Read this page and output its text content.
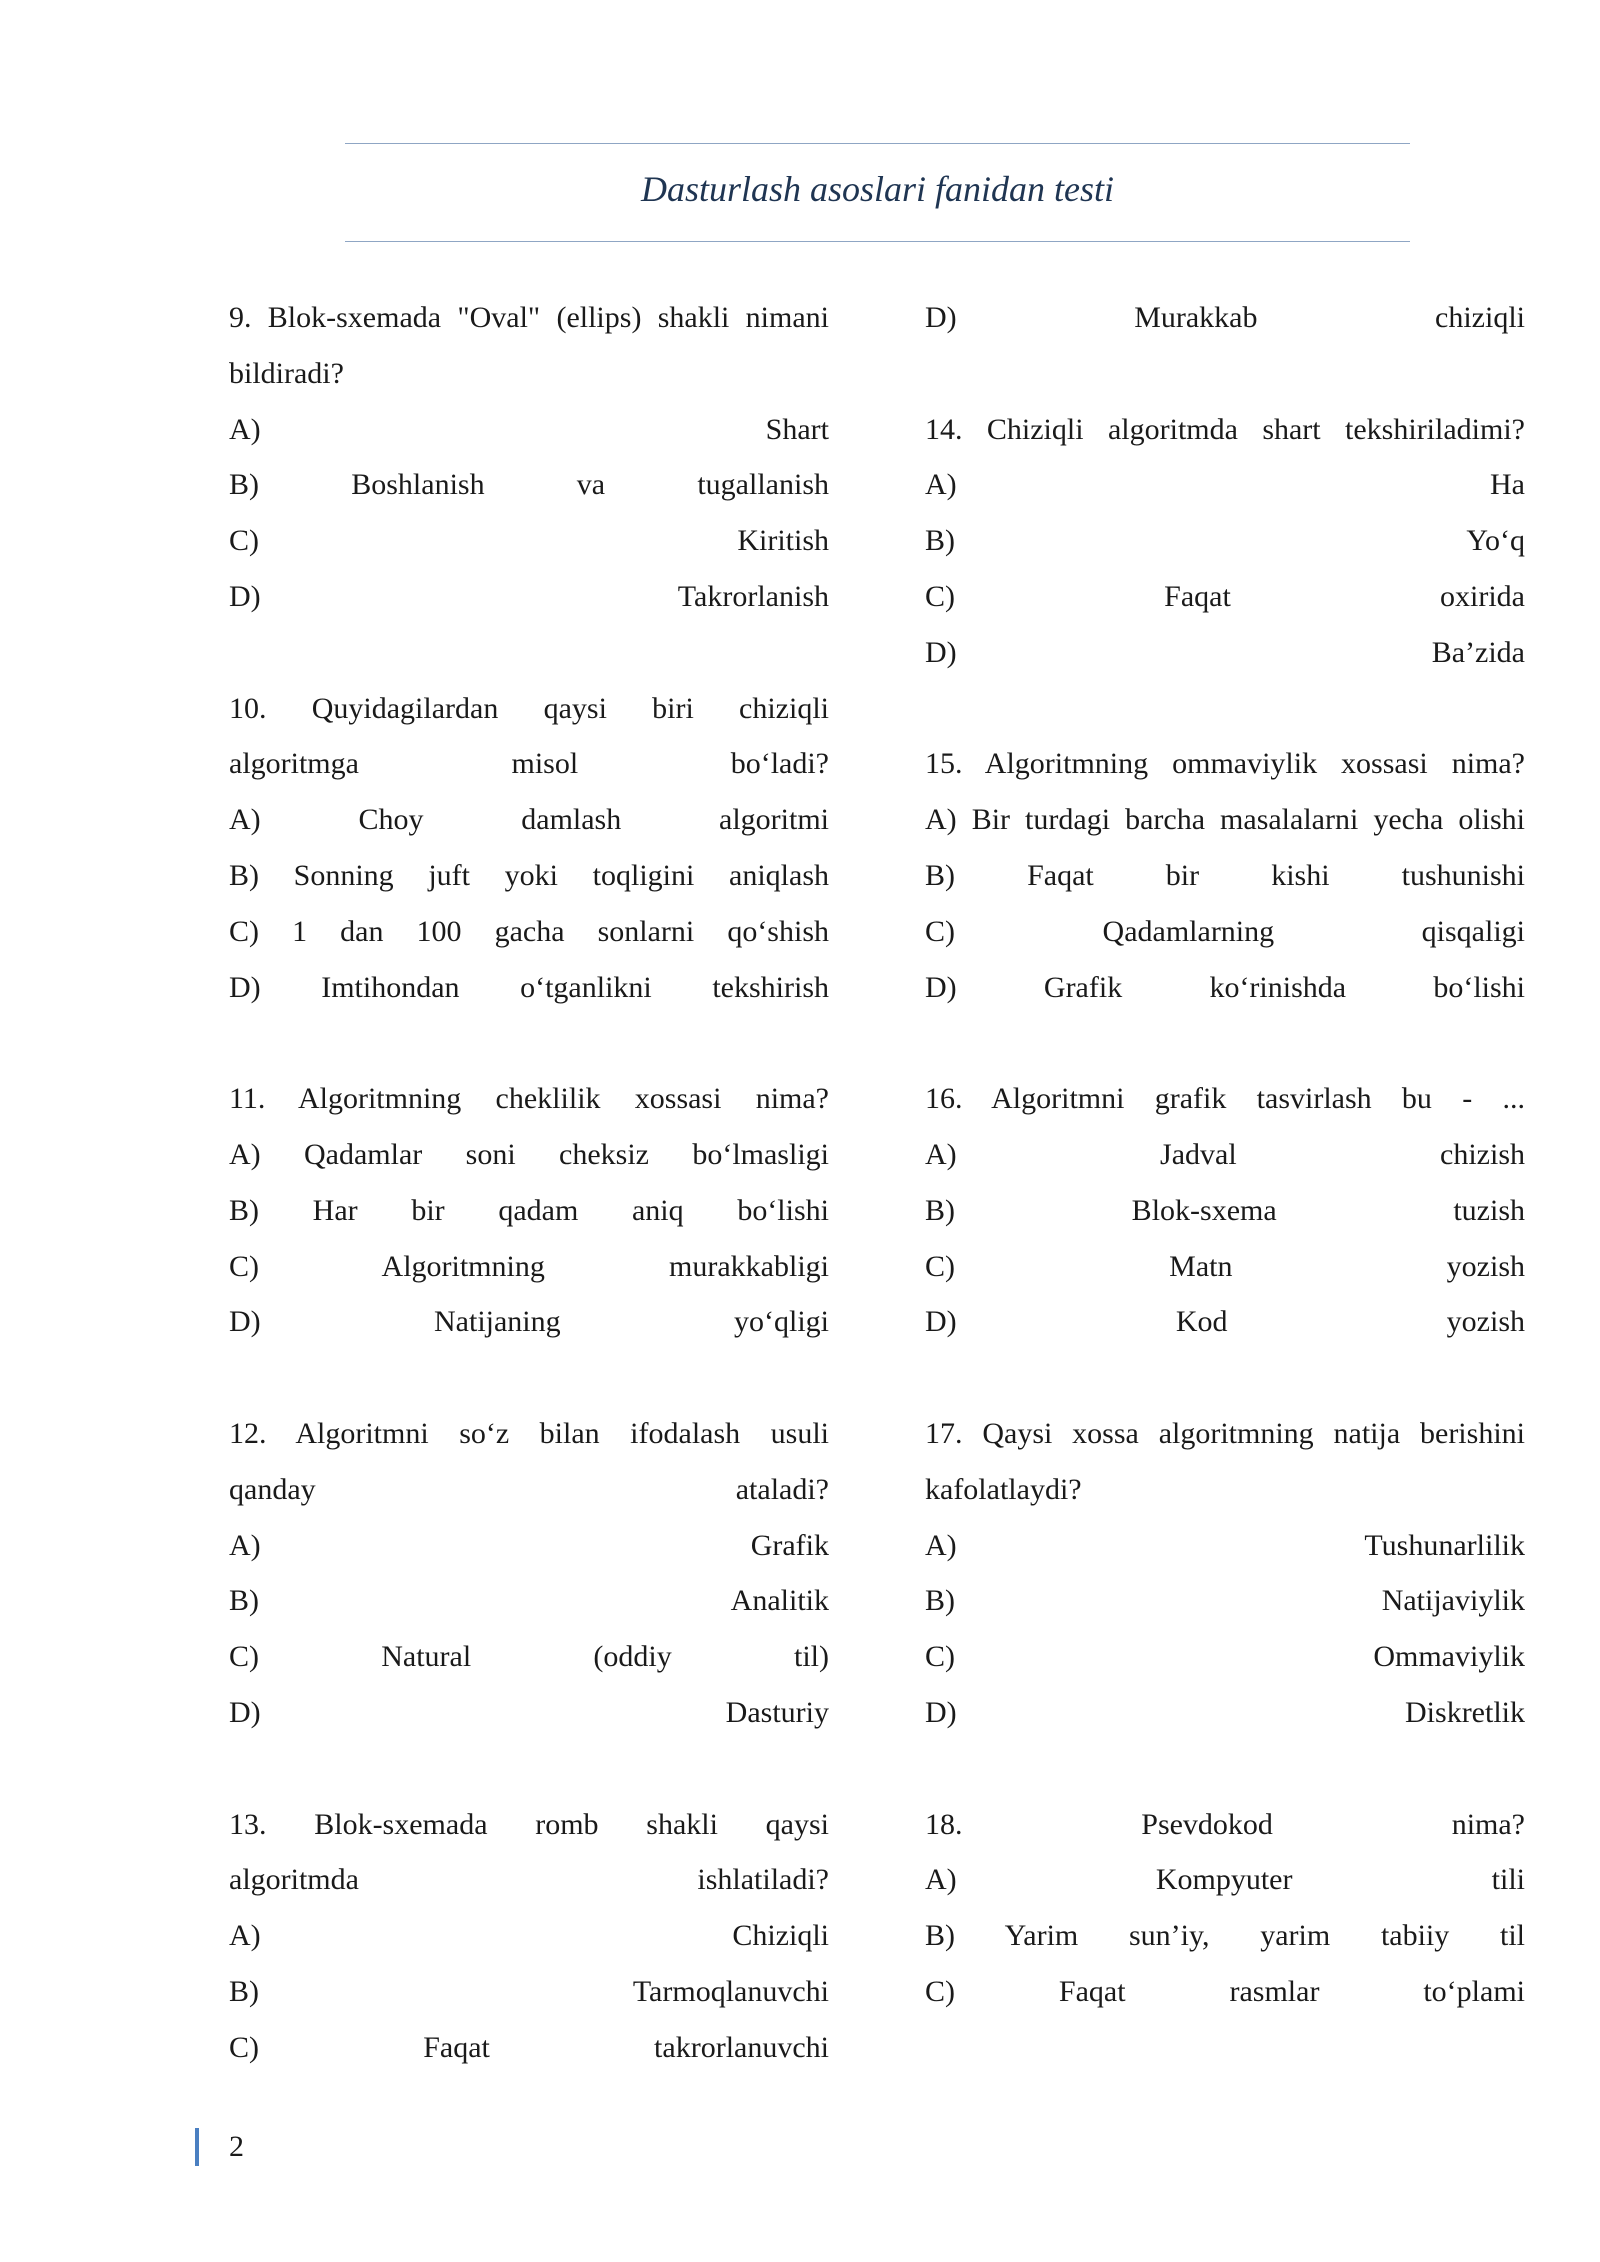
Dasturlash asoslari fanidan testi
9. Blok-sxemada "Oval" (ellips) shakli nimani
bildiradi?
A) Shart
B) Boshlanish va tugallanish
C) Kiritish
D) Takrorlanish
10. Quyidagilardan qaysi biri chiziqli
algoritmga misol bo‘ladi?
A) Choy damlash algoritmi
B) Sonning juft yoki toqligini aniqlash
C) 1 dan 100 gacha sonlarni qo‘shish
D) Imtihondan o‘tganlikni tekshirish
11. Algoritmning cheklilik xossasi nima?
A) Qadamlar soni cheksiz bo‘lmasligi
B) Har bir qadam aniq bo‘lishi
C) Algoritmning murakkabligi
D) Natijaning yo‘qligi
12. Algoritmni so‘z bilan ifodalash usuli
qanday ataladi?
A) Grafik
B) Analitik
C) Natural (oddiy til)
D) Dasturiy
13. Blok-sxemada romb shakli qaysi
algoritmda ishlatiladi?
A) Chiziqli
B) Tarmoqlanuvchi
C) Faqat takrorlanuvchi
D) Murakkab chiziqli
14. Chiziqli algoritmda shart tekshiriladimi?
A) Ha
B) Yo‘q
C) Faqat oxirida
D) Ba’zida
15. Algoritmning ommaviylik xossasi nima?
A) Bir turdagi barcha masalalarni yecha olishi
B) Faqat bir kishi tushunishi
C) Qadamlarning qisqaligi
D) Grafik ko‘rinishda bo‘lishi
16. Algoritmni grafik tasvirlash bu - ...
A) Jadval chizish
B) Blok-sxema tuzish
C) Matn yozish
D) Kod yozish
17. Qaysi xossa algoritmning natija berishini
kafolatlaydi?
A) Tushunarlilik
B) Natijaviylik
C) Ommaviylik
D) Diskretlik
18. Psevdokod nima?
A) Kompyuter tili
B) Yarim sun’iy, yarim tabiiy til
C) Faqat rasmlar to‘plami
2
